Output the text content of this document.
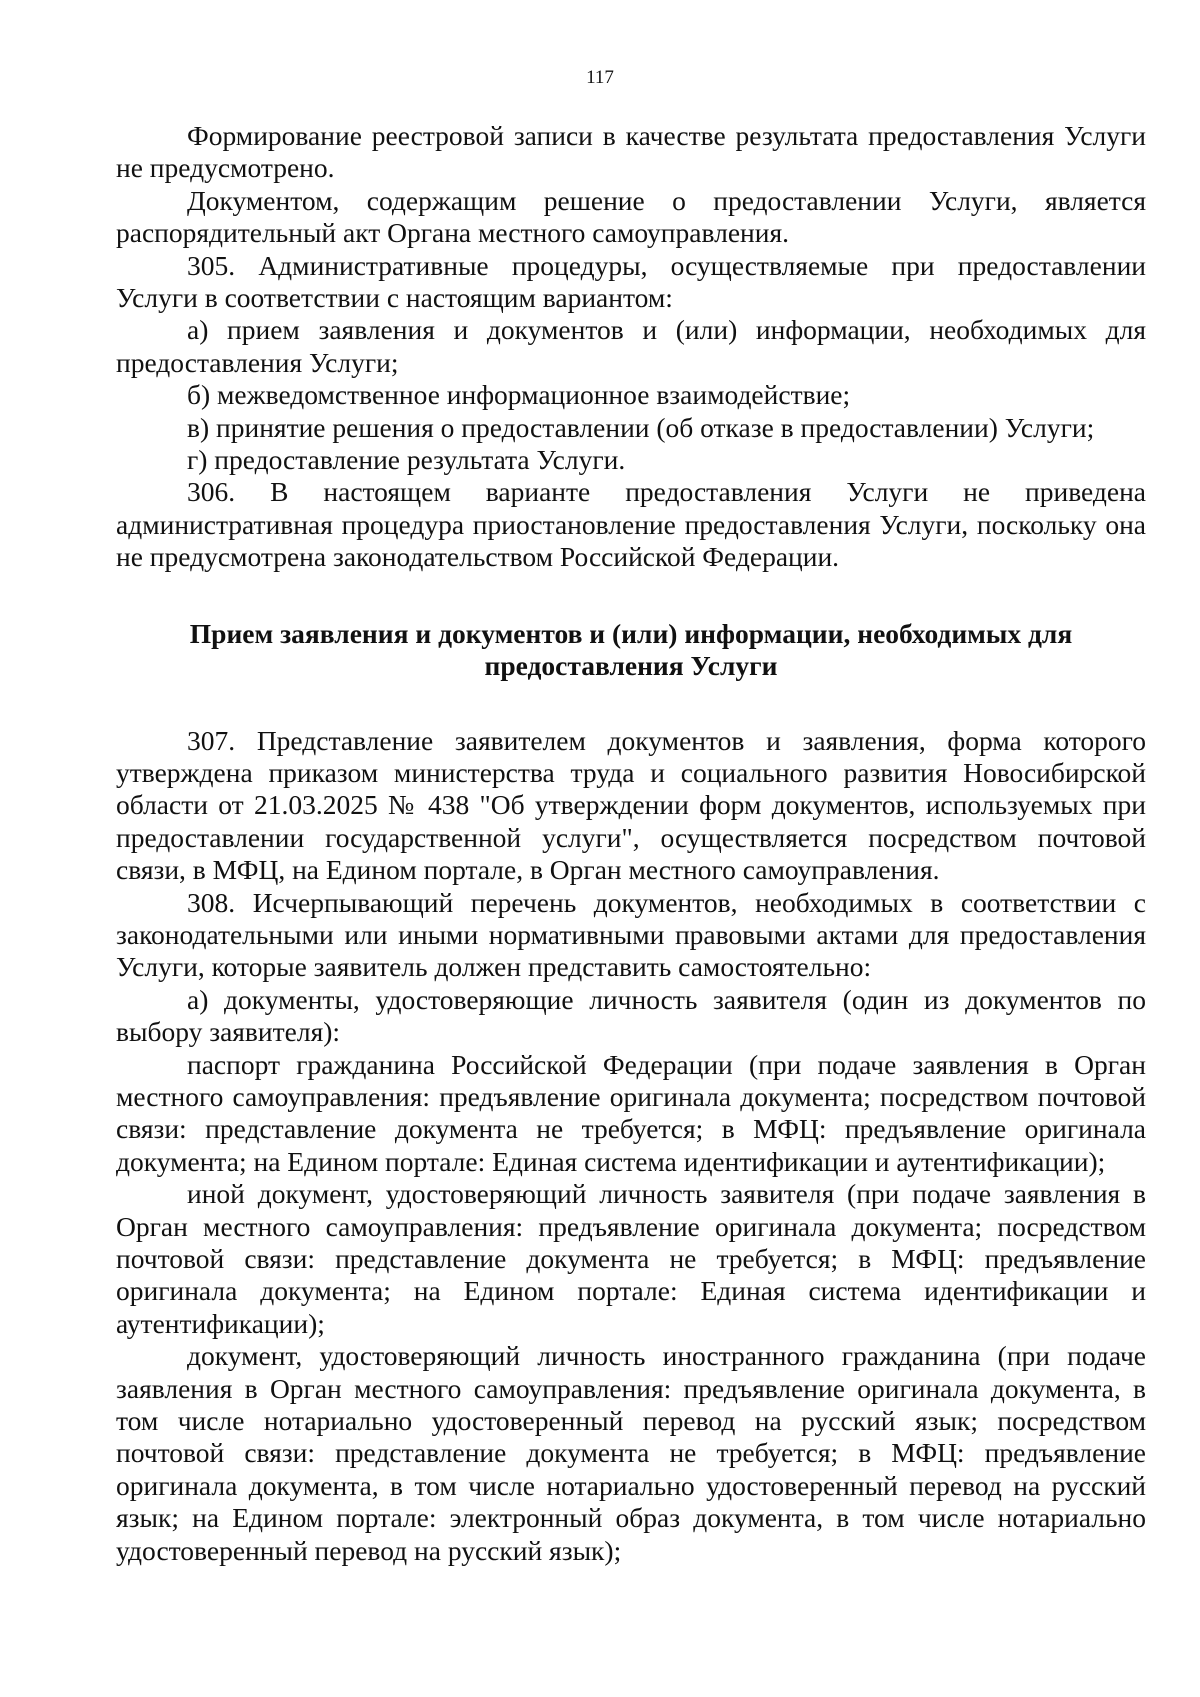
117

Формирование реестровой записи в качестве результата предоставления Услуги не предусмотрено.

Документом, содержащим решение о предоставлении Услуги, является распорядительный акт Органа местного самоуправления.

305. Административные процедуры, осуществляемые при предоставлении Услуги в соответствии с настоящим вариантом:

а) прием заявления и документов и (или) информации, необходимых для предоставления Услуги;

б) межведомственное информационное взаимодействие;

в) принятие решения о предоставлении (об отказе в предоставлении) Услуги;

г) предоставление результата Услуги.

306. В настоящем варианте предоставления Услуги не приведена административная процедура приостановление предоставления Услуги, поскольку она не предусмотрена законодательством Российской Федерации.

Прием заявления и документов и (или) информации, необходимых для предоставления Услуги

307. Представление заявителем документов и заявления, форма которого утверждена приказом министерства труда и социального развития Новосибирской области от 21.03.2025 № 438 "Об утверждении форм документов, используемых при предоставлении государственной услуги", осуществляется посредством почтовой связи, в МФЦ, на Едином портале, в Орган местного самоуправления.

308. Исчерпывающий перечень документов, необходимых в соответствии с законодательными или иными нормативными правовыми актами для предоставления Услуги, которые заявитель должен представить самостоятельно:

а) документы, удостоверяющие личность заявителя (один из документов по выбору заявителя):

паспорт гражданина Российской Федерации (при подаче заявления в Орган местного самоуправления: предъявление оригинала документа; посредством почтовой связи: представление документа не требуется; в МФЦ: предъявление оригинала документа; на Едином портале: Единая система идентификации и аутентификации);

иной документ, удостоверяющий личность заявителя (при подаче заявления в Орган местного самоуправления: предъявление оригинала документа; посредством почтовой связи: представление документа не требуется; в МФЦ: предъявление оригинала документа; на Едином портале: Единая система идентификации и аутентификации);

документ, удостоверяющий личность иностранного гражданина (при подаче заявления в Орган местного самоуправления: предъявление оригинала документа, в том числе нотариально удостоверенный перевод на русский язык; посредством почтовой связи: представление документа не требуется; в МФЦ: предъявление оригинала документа, в том числе нотариально удостоверенный перевод на русский язык; на Едином портале: электронный образ документа, в том числе нотариально удостоверенный перевод на русский язык);
